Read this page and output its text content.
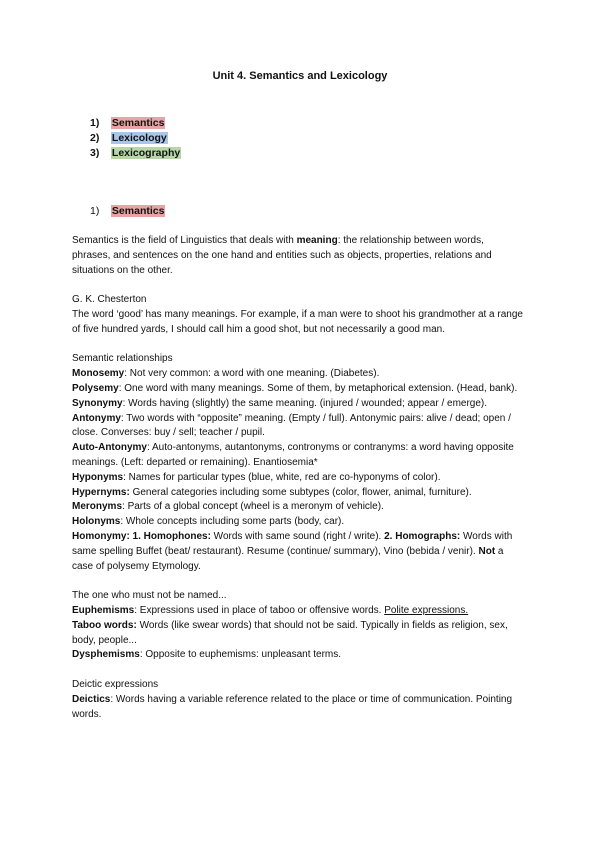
Unit 4. Semantics and Lexicology
1) Semantics
2) Lexicology
3) Lexicography
1) Semantics

Semantics is the field of Linguistics that deals with meaning: the relationship between words, phrases, and sentences on the one hand and entities such as objects, properties, relations and situations on the other.

G. K. Chesterton

The word ‘good’ has many meanings. For example, if a man were to shoot his grandmother at a range of five hundred yards, I should call him a good shot, but not necessarily a good man.

Semantic relationships

Monosemy: Not very common: a word with one meaning. (Diabetes).

Polysemy: One word with many meanings. Some of them, by metaphorical extension. (Head, bank).

Synonymy: Words having (slightly) the same meaning. (injured / wounded; appear / emerge).

Antonymy: Two words with “opposite” meaning. (Empty / full). Antonymic pairs: alive / dead; open / close. Converses: buy / sell; teacher / pupil.

Auto-Antonymy: Auto-antonyms, autantonyms, contronyms or contranyms: a word having opposite meanings. (Left: departed or remaining). Enantiosemia*

Hyponyms: Names for particular types (blue, white, red are co-hyponyms of color).

Hypernyms: General categories including some subtypes (color, flower, animal, furniture).

Meronyms: Parts of a global concept (wheel is a meronym of vehicle).

Holonyms: Whole concepts including some parts (body, car).

Homonymy: 1. Homophones: Words with same sound (right / write). 2. Homographs: Words with same spelling Buffet (beat/ restaurant). Resume (continue/ summary), Vino (bebida / venir). Not a case of polysemy Etymology.

The one who must not be named...

Euphemisms: Expressions used in place of taboo or offensive words. Polite expressions.

Taboo words: Words (like swear words) that should not be said. Typically in fields as religion, sex, body, people...

Dysphemisms: Opposite to euphemisms: unpleasant terms.

Deictic expressions

Deictics: Words having a variable reference related to the place or time of communication. Pointing words.
